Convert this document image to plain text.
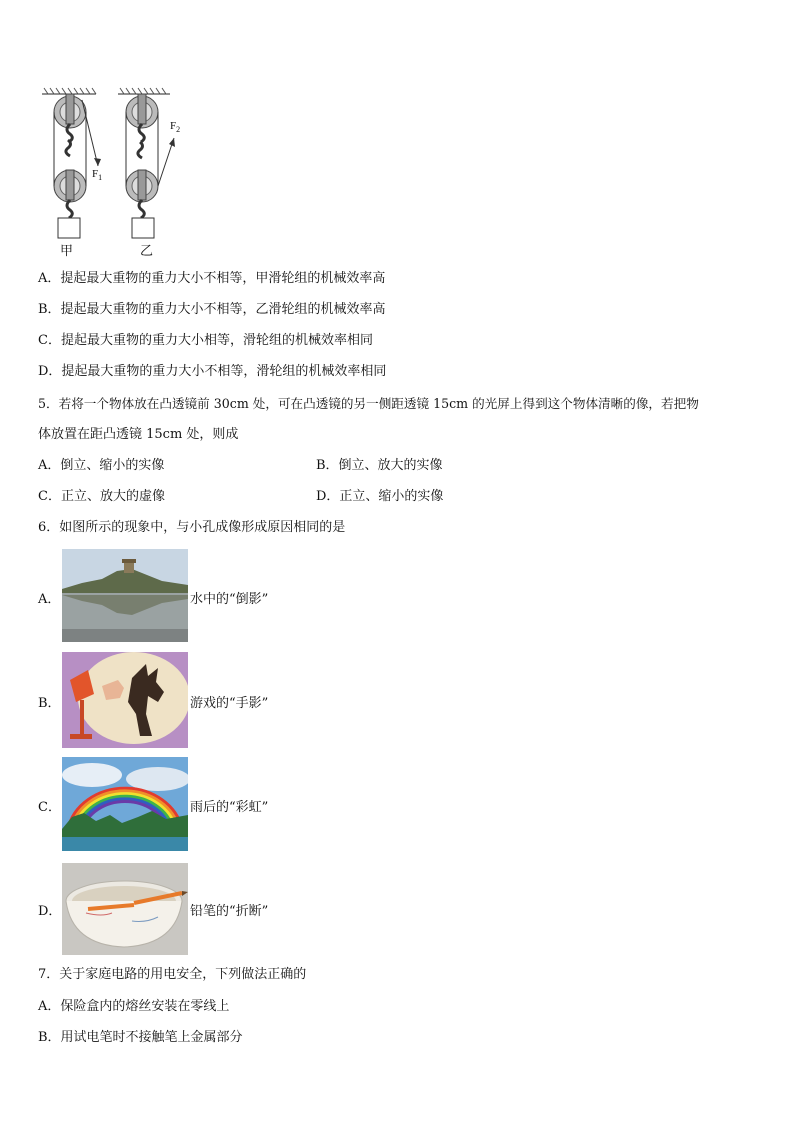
$F_1$
$F_2$
甲	乙
A．提起最大重物的重力大小不相等，甲滑轮组的机械效率高
B．提起最大重物的重力大小不相等，乙滑轮组的机械效率高
C．提起最大重物的重力大小相等，滑轮组的机械效率相同
D．提起最大重物的重力大小不相等，滑轮组的机械效率相同
5．若将一个物体放在凸透镜前 30cm 处，可在凸透镜的另一侧距透镜 15cm 的光屏上得到这个物体清晰的像，若把物
体放置在距凸透镜 15cm 处，则成
A．倒立、缩小的实像	B．倒立、放大的实像
C．正立、放大的虚像	D．正立、缩小的实像
6．如图所示的现象中，与小孔成像形成原因相同的是
A．	水中的“倒影”
B．	游戏的“手影”
C．	雨后的“彩虹”
D．	铅笔的“折断”
7．关于家庭电路的用电安全，下列做法正确的
A．保险盒内的熔丝安装在零线上
B．用试电笔时不接触笔上金属部分
